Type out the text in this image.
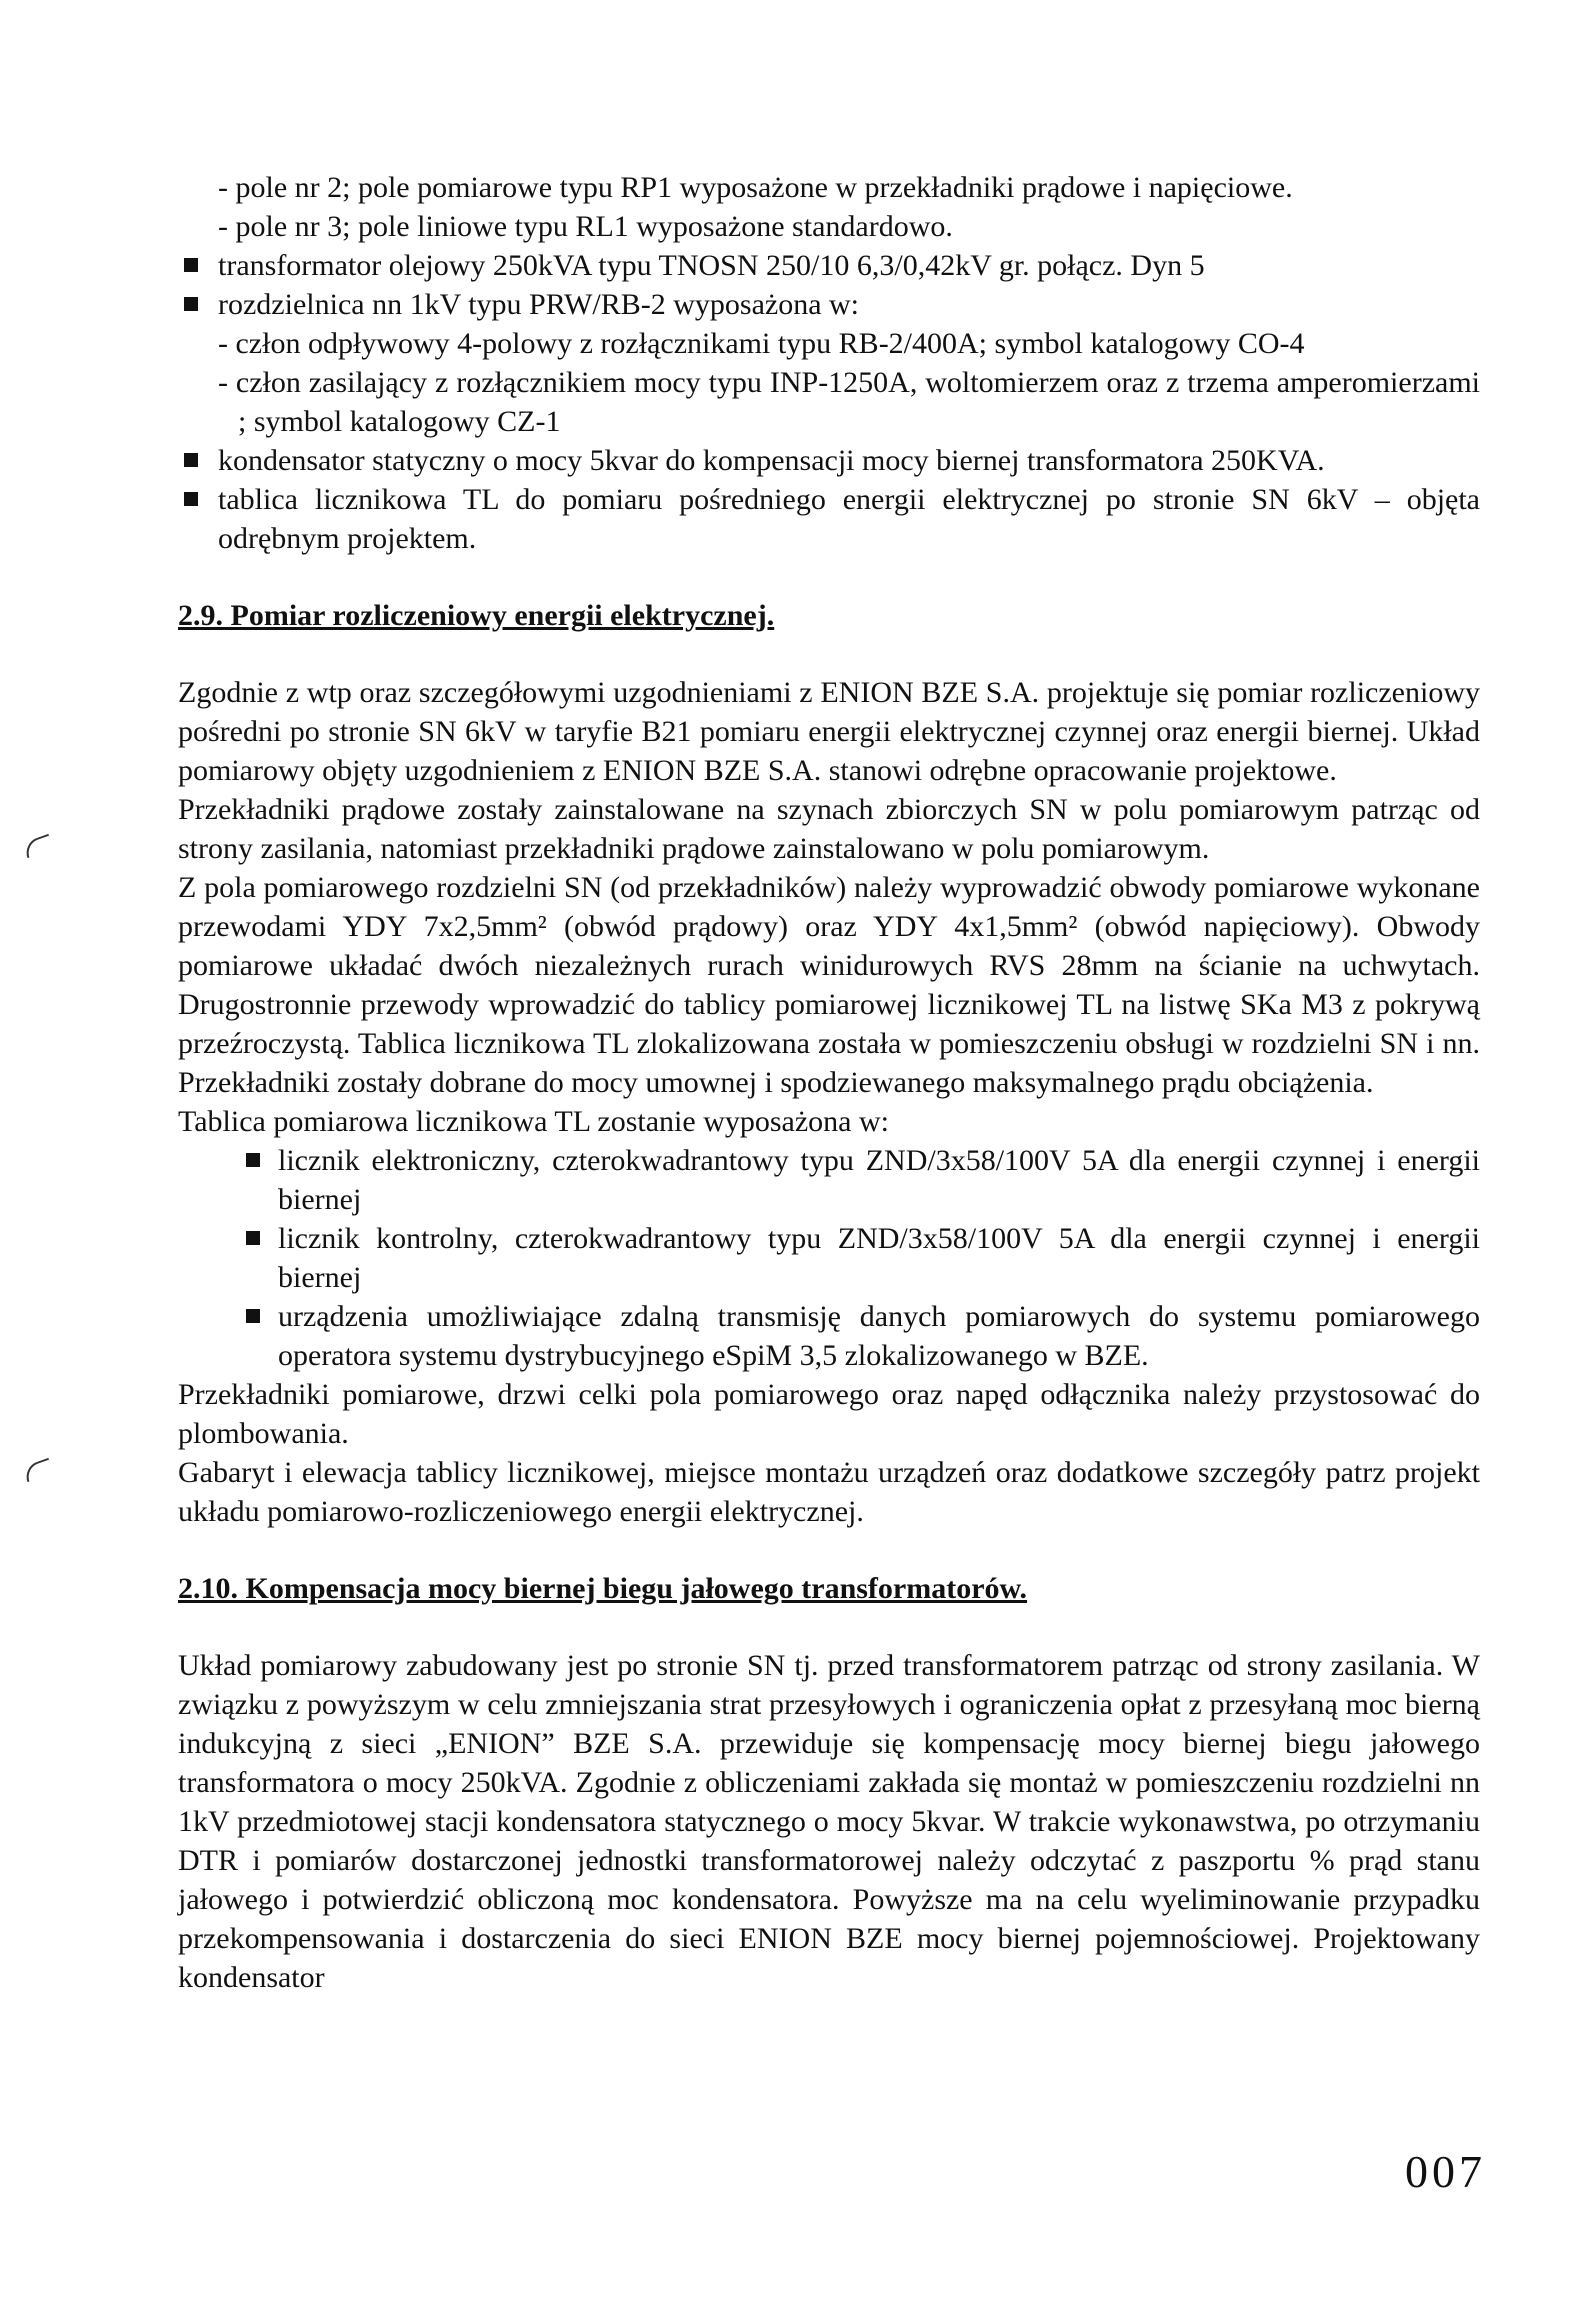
- pole nr 2; pole pomiarowe typu RP1 wyposażone w przekładniki prądowe i napięciowe.
- pole nr 3; pole liniowe typu RL1 wyposażone standardowo.
transformator olejowy 250kVA typu TNOSN 250/10 6,3/0,42kV gr. połącz. Dyn 5
rozdzielnica nn 1kV typu PRW/RB-2 wyposażona w:
- człon odpływowy 4-polowy z rozłącznikami typu RB-2/400A; symbol katalogowy CO-4
- człon zasilający z rozłącznikiem mocy typu INP-1250A, woltomierzem oraz z trzema amperomierzami ; symbol katalogowy CZ-1
kondensator statyczny o mocy 5kvar do kompensacji mocy biernej transformatora 250KVA.
tablica licznikowa TL do pomiaru pośredniego energii elektrycznej po stronie SN 6kV – objęta odrębnym projektem.
2.9. Pomiar rozliczeniowy energii elektrycznej.

Zgodnie z wtp oraz szczegółowymi uzgodnieniami z ENION BZE S.A. projektuje się pomiar rozliczeniowy pośredni po stronie SN 6kV w taryfie B21 pomiaru energii elektrycznej czynnej oraz energii biernej. Układ pomiarowy objęty uzgodnieniem z ENION BZE S.A. stanowi odrębne opracowanie projektowe.

Przekładniki prądowe zostały zainstalowane na szynach zbiorczych SN w polu pomiarowym patrząc od strony zasilania, natomiast przekładniki prądowe zainstalowano w polu pomiarowym.

Z pola pomiarowego rozdzielni SN (od przekładników) należy wyprowadzić obwody pomiarowe wykonane przewodami YDY 7x2,5mm² (obwód prądowy) oraz YDY 4x1,5mm² (obwód napięciowy). Obwody pomiarowe układać dwóch niezależnych rurach winidurowych RVS 28mm na ścianie na uchwytach. Drugostronnie przewody wprowadzić do tablicy pomiarowej licznikowej TL na listwę SKa M3 z pokrywą przeźroczystą. Tablica licznikowa TL zlokalizowana została w pomieszczeniu obsługi w rozdzielni SN i nn. Przekładniki zostały dobrane do mocy umownej i spodziewanego maksymalnego prądu obciążenia.

Tablica pomiarowa licznikowa TL zostanie wyposażona w:

licznik elektroniczny, czterokwadrantowy typu ZND/3x58/100V 5A dla energii czynnej i energii biernej
licznik kontrolny, czterokwadrantowy typu ZND/3x58/100V 5A dla energii czynnej i energii biernej
urządzenia umożliwiające zdalną transmisję danych pomiarowych do systemu pomiarowego operatora systemu dystrybucyjnego eSpiM 3,5 zlokalizowanego w BZE.

Przekładniki pomiarowe, drzwi celki pola pomiarowego oraz napęd odłącznika należy przystosować do plombowania.

Gabaryt i elewacja tablicy licznikowej, miejsce montażu urządzeń oraz dodatkowe szczegóły patrz projekt układu pomiarowo-rozliczeniowego energii elektrycznej.

2.10. Kompensacja mocy biernej biegu jałowego transformatorów.

Układ pomiarowy zabudowany jest po stronie SN tj. przed transformatorem patrząc od strony zasilania. W związku z powyższym w celu zmniejszania strat przesyłowych i ograniczenia opłat z przesyłaną moc bierną indukcyjną z sieci „ENION” BZE S.A. przewiduje się kompensację mocy biernej biegu jałowego transformatora o mocy 250kVA. Zgodnie z obliczeniami zakłada się montaż w pomieszczeniu rozdzielni nn 1kV przedmiotowej stacji kondensatora statycznego o mocy 5kvar. W trakcie wykonawstwa, po otrzymaniu DTR i pomiarów dostarczonej jednostki transformatorowej należy odczytać z paszportu % prąd stanu jałowego i potwierdzić obliczoną moc kondensatora. Powyższe ma na celu wyeliminowanie przypadku przekompensowania i dostarczenia do sieci ENION BZE mocy biernej pojemnościowej. Projektowany kondensator

007
